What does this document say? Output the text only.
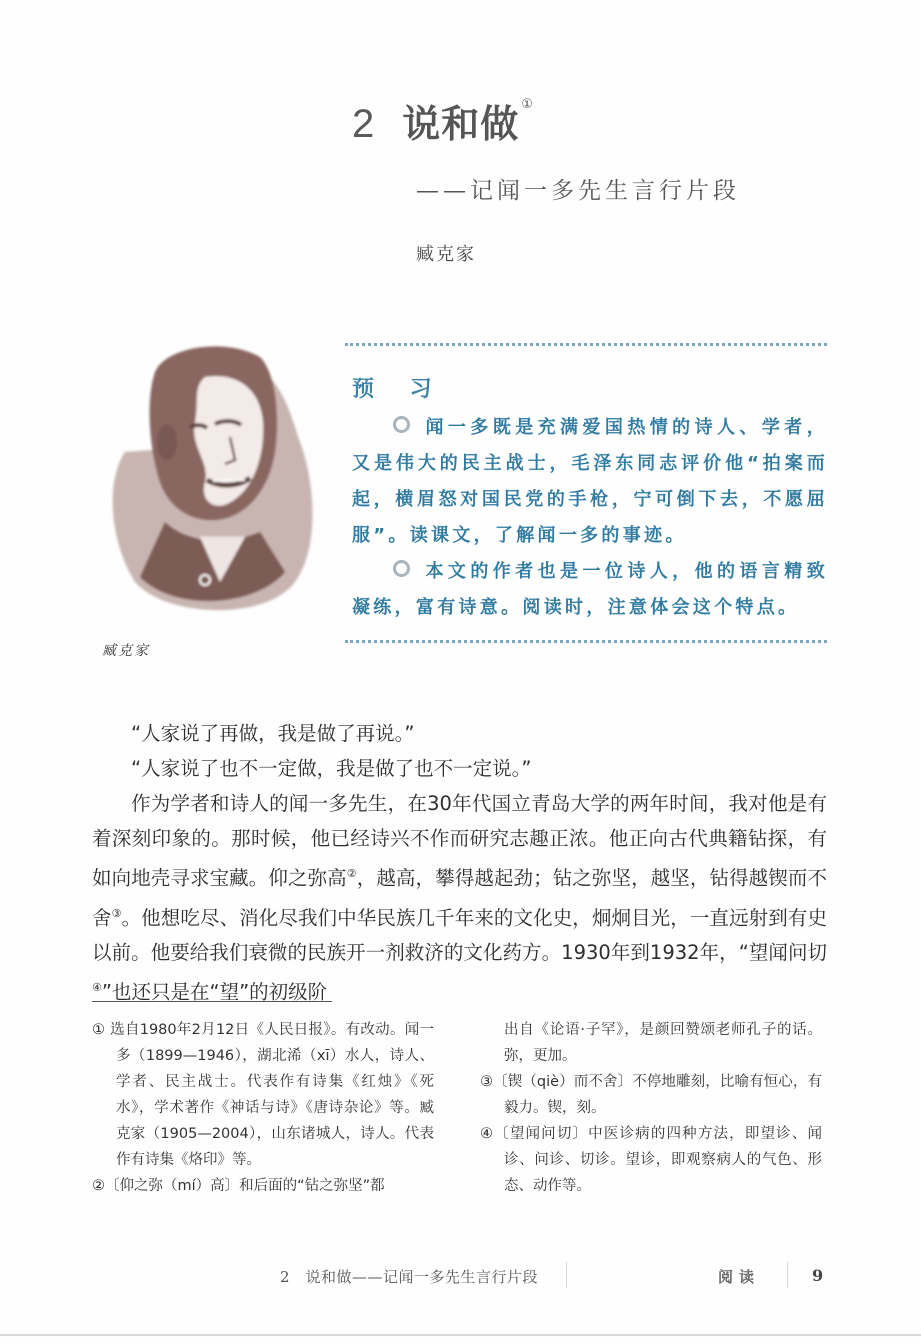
2 说和做 ①
——记闻一多先生言行片段
臧克家
臧克家
预 习

闻一多既是充满爱国热情的诗人、学者，又是伟大的民主战士，毛泽东同志评价他“拍案而起，横眉怒对国民党的手枪，宁可倒下去，不愿屈服”。读课文，了解闻一多的事迹。

本文的作者也是一位诗人，他的语言精致凝练，富有诗意。阅读时，注意体会这个特点。

“人家说了再做，我是做了再说。”

“人家说了也不一定做，我是做了也不一定说。”

作为学者和诗人的闻一多先生，在30年代国立青岛大学的两年时间，我对他是有着深刻印象的。那时候，他已经诗兴不作而研究志趣正浓。他正向古代典籍钻探，有如向地壳寻求宝藏。仰之弥高②，越高，攀得越起劲；钻之弥坚，越坚，钻得越锲而不舍③。他想吃尽、消化尽我们中华民族几千年来的文化史，炯炯目光，一直远射到有史以前。他要给我们衰微的民族开一剂救济的文化药方。1930年到1932年，“望闻问切④”也还只是在“望”的初级阶

① 选自1980年2月12日《人民日报》。有改动。闻一多（1899—1946），湖北浠（xī）水人，诗人、学者、民主战士。代表作有诗集《红烛》《死水》，学术著作《神话与诗》《唐诗杂论》等。臧克家（1905—2004），山东诸城人，诗人。代表作有诗集《烙印》等。

②〔仰之弥（mí）高〕和后面的“钻之弥坚”都

出自《论语·子罕》，是颜回赞颂老师孔子的话。弥，更加。

③〔锲（qiè）而不舍〕不停地雕刻，比喻有恒心，有毅力。锲，刻。

④〔望闻问切〕中医诊病的四种方法，即望诊、闻诊、问诊、切诊。望诊，即观察病人的气色、形态、动作等。

2　说和做——记闻一多先生言行片段	阅读	9
